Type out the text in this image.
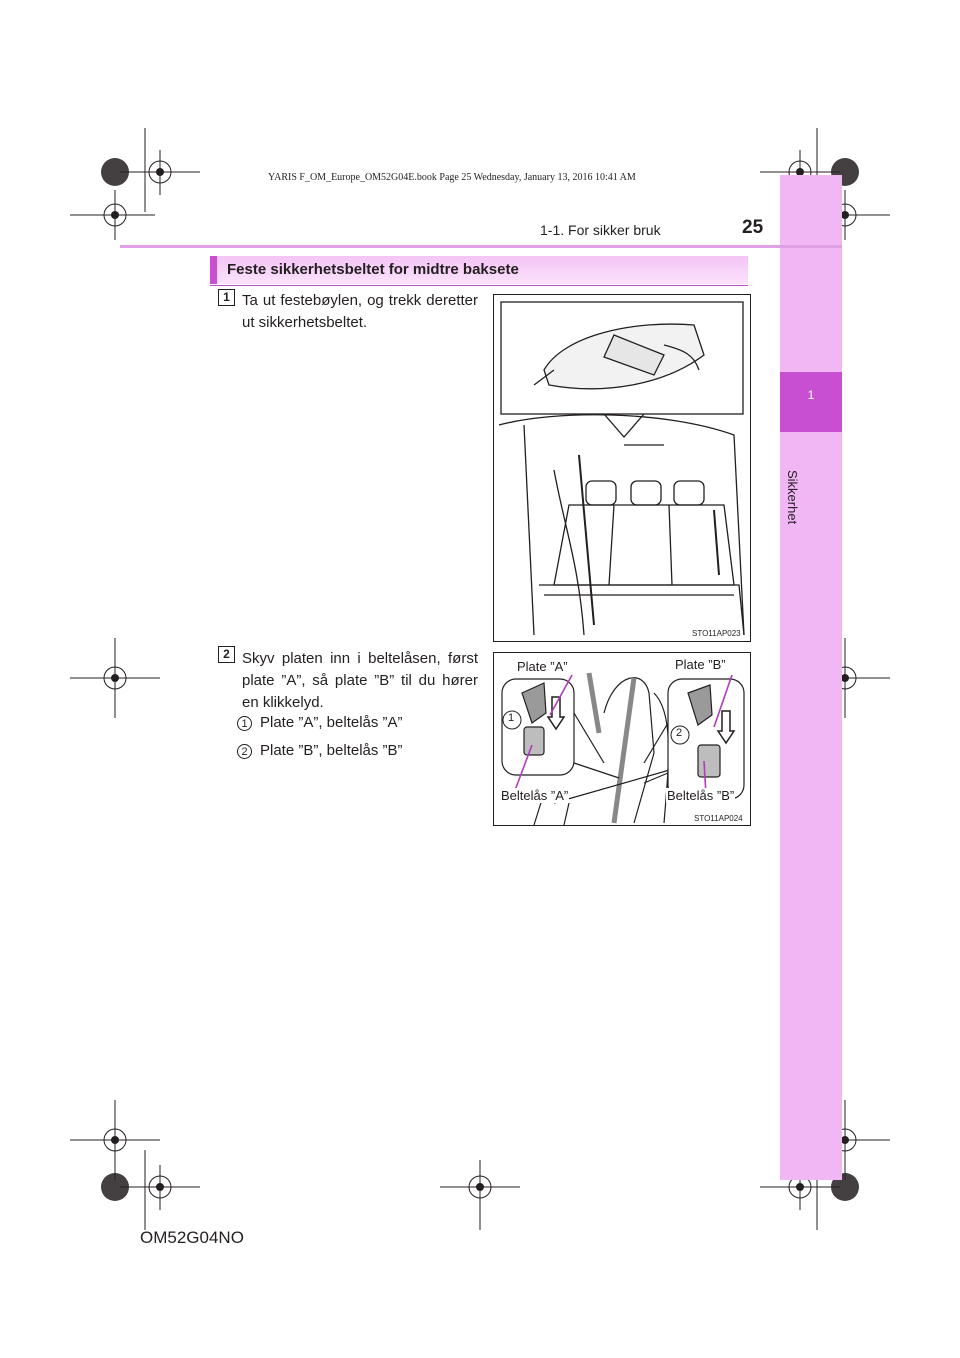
YARIS F_OM_Europe_OM52G04E.book Page 25 Wednesday, January 13, 2016 10:41 AM
1
Sikkerhet
1-1. For sikker bruk	25
Feste sikkerhetsbeltet for midtre baksete
1 Ta ut festebøylen, og trekk deretter ut sikkerhetsbeltet.
STO11AP023
2 Skyv platen inn i beltelåsen, først plate ”A”, så plate ”B” til du hører en klikkelyd.
1 Plate ”A”, beltelås ”A”
2 Plate ”B”, beltelås ”B”
Plate ”A”	Plate ”B”
Beltelås ”A”	Beltelås ”B”
1
2
STO11AP024
OM52G04NO
